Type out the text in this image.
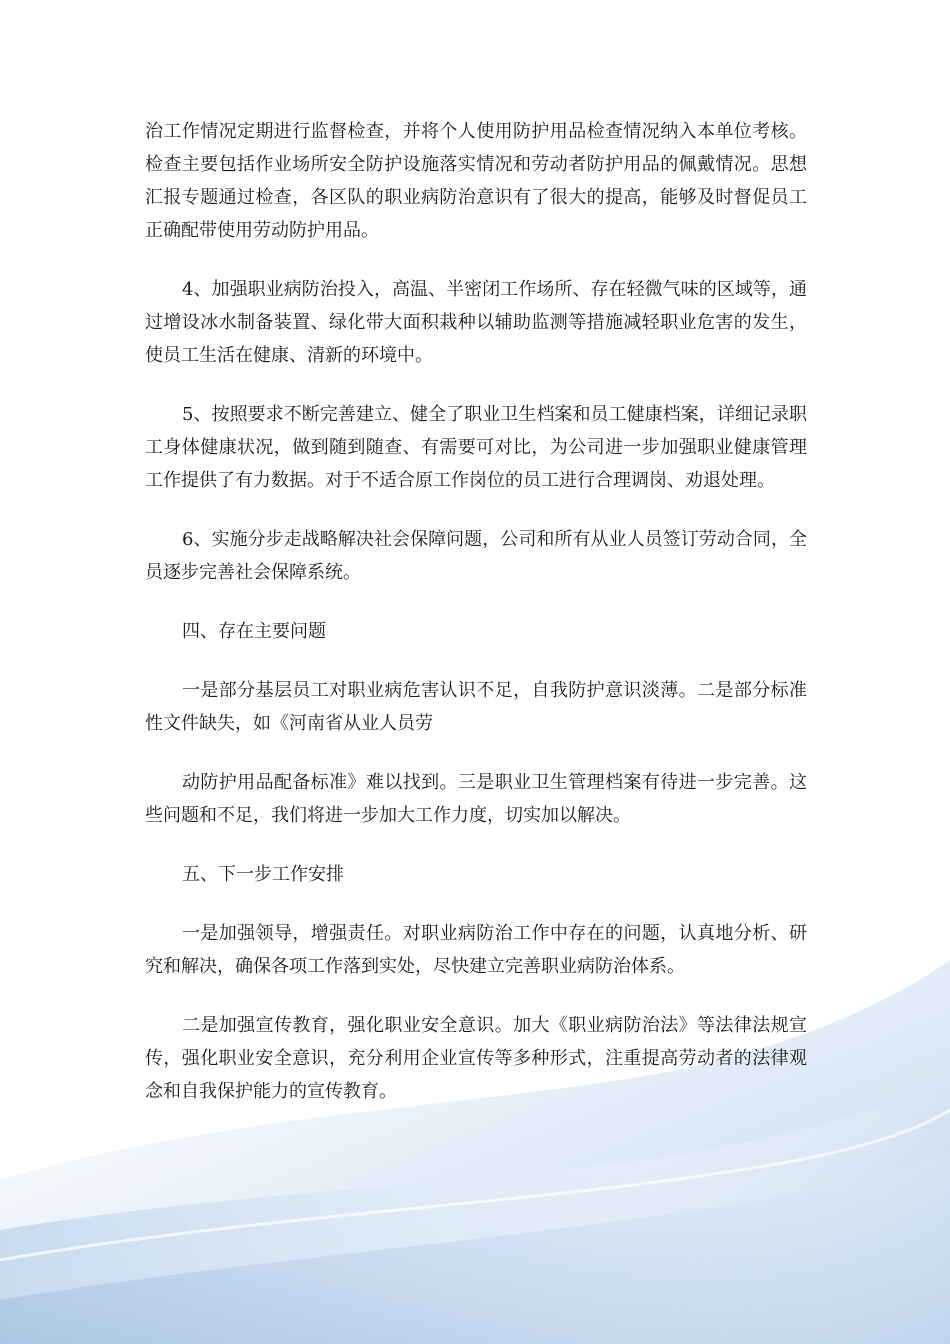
治工作情况定期进行监督检查，并将个人使用防护用品检查情况纳入本单位考核。检查主要包括作业场所安全防护设施落实情况和劳动者防护用品的佩戴情况。思想汇报专题通过检查，各区队的职业病防治意识有了很大的提高，能够及时督促员工正确配带使用劳动防护用品。

4、加强职业病防治投入，高温、半密闭工作场所、存在轻微气味的区域等，通过增设冰水制备装置、绿化带大面积栽种以辅助监测等措施减轻职业危害的发生，使员工生活在健康、清新的环境中。

5、按照要求不断完善建立、健全了职业卫生档案和员工健康档案，详细记录职工身体健康状况，做到随到随查、有需要可对比，为公司进一步加强职业健康管理工作提供了有力数据。对于不适合原工作岗位的员工进行合理调岗、劝退处理。

6、实施分步走战略解决社会保障问题，公司和所有从业人员签订劳动合同，全员逐步完善社会保障系统。

四、存在主要问题

一是部分基层员工对职业病危害认识不足，自我防护意识淡薄。二是部分标准性文件缺失，如《河南省从业人员劳

动防护用品配备标准》难以找到。三是职业卫生管理档案有待进一步完善。这些问题和不足，我们将进一步加大工作力度，切实加以解决。

五、下一步工作安排

一是加强领导，增强责任。对职业病防治工作中存在的问题，认真地分析、研究和解决，确保各项工作落到实处，尽快建立完善职业病防治体系。

二是加强宣传教育，强化职业安全意识。加大《职业病防治法》等法律法规宣传，强化职业安全意识，充分利用企业宣传等多种形式，注重提高劳动者的法律观念和自我保护能力的宣传教育。
